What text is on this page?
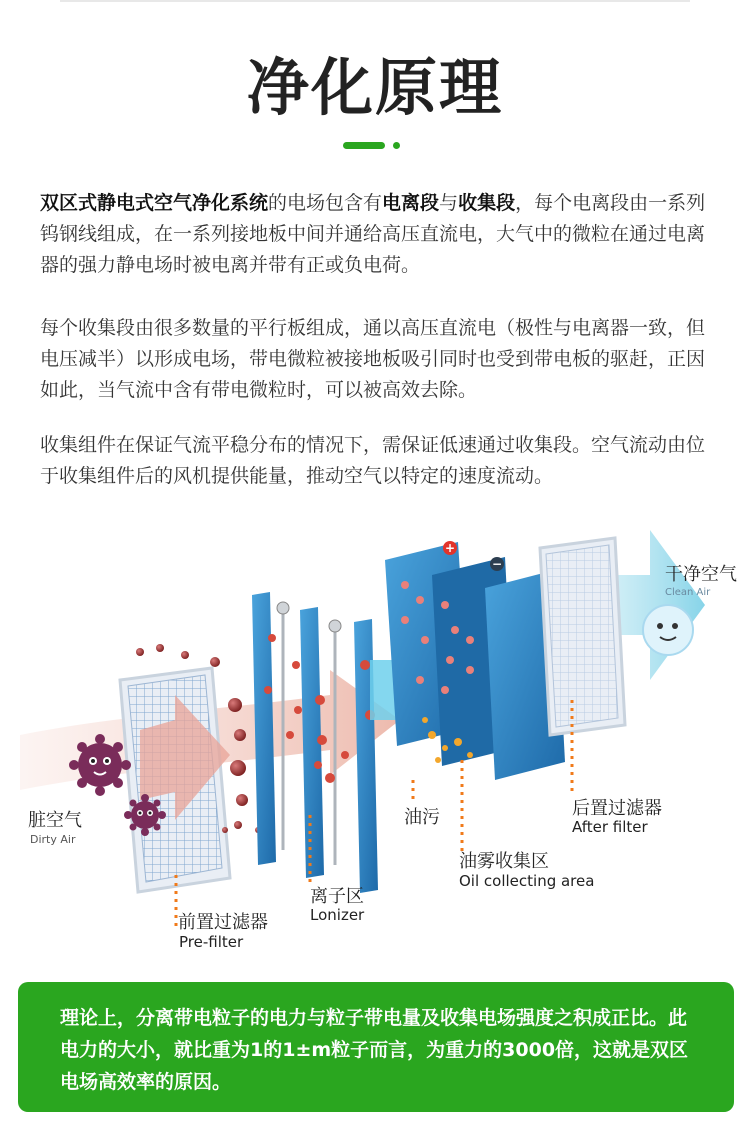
净化原理

双区式静电式空气净化系统的电场包含有电离段与收集段，每个电离段由一系列钨钢线组成，在一系列接地板中间并通给高压直流电，大气中的微粒在通过电离器的强力静电场时被电离并带有正或负电荷。

每个收集段由很多数量的平行板组成，通以高压直流电（极性与电离器一致，但电压减半）以形成电场，带电微粒被接地板吸引同时也受到带电板的驱赶，正因如此，当气流中含有带电微粒时，可以被高效去除。

收集组件在保证气流平稳分布的情况下，需保证低速通过收集段。空气流动由位于收集组件后的风机提供能量，推动空气以特定的速度流动。

+
−
脏空气
Dirty Air
干净空气
Clean Air
前置过滤器
Pre-filter
离子区
Lonizer
油污
油雾收集区
Oil collecting area
后置过滤器
After filter

理论上，分离带电粒子的电力与粒子带电量及收集电场强度之积成正比。此电力的大小，就比重为1的1±m粒子而言，为重力的3000倍，这就是双区电场高效率的原因。
